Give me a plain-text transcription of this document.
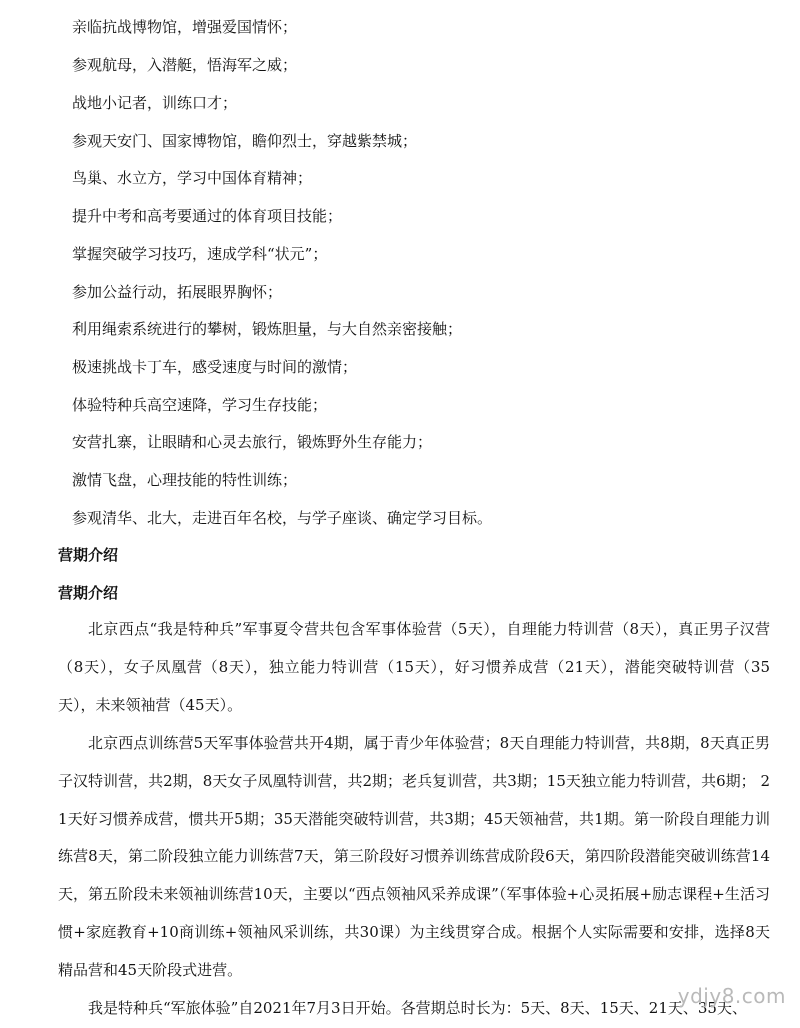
亲临抗战博物馆，增强爱国情怀；
参观航母，入潜艇，悟海军之威；
战地小记者，训练口才；
参观天安门、国家博物馆，瞻仰烈士，穿越紫禁城；
鸟巢、水立方，学习中国体育精神；
提升中考和高考要通过的体育项目技能；
掌握突破学习技巧，速成学科“状元”；
参加公益行动，拓展眼界胸怀；
利用绳索系统进行的攀树，锻炼胆量，与大自然亲密接触；
极速挑战卡丁车，感受速度与时间的激情；
体验特种兵高空速降，学习生存技能；
安营扎寨，让眼睛和心灵去旅行，锻炼野外生存能力；
激情飞盘，心理技能的特性训练；
参观清华、北大，走进百年名校，与学子座谈、确定学习目标。
营期介绍
营期介绍
北京西点“我是特种兵”军事夏令营共包含军事体验营（5天），自理能力特训营（8天），真正男子汉营（8天），女子凤凰营（8天），独立能力特训营（15天），好习惯养成营（21天），潜能突破特训营（35天），未来领袖营（45天）。
北京西点训练营5天军事体验营共开4期，属于青少年体验营；8天自理能力特训营，共8期，8天真正男子汉特训营，共2期，8天女子凤凰特训营，共2期；老兵复训营，共3期；15天独立能力特训营，共6期； 21天好习惯养成营，惯共开5期；35天潜能突破特训营，共3期；45天领袖营，共1期。第一阶段自理能力训练营8天，第二阶段独立能力训练营7天，第三阶段好习惯养训练营成阶段6天，第四阶段潜能突破训练营14天，第五阶段未来领袖训练营10天，主要以“西点领袖风采养成课”（军事体验+心灵拓展+励志课程+生活习惯+家庭教育+10商训练+领袖风采训练，共30课）为主线贯穿合成。根据个人实际需要和安排，选择8天精品营和45天阶段式进营。
我是特种兵“军旅体验”自2021年7月3日开始。各营期总时长为：5天、8天、15天、21天、35天、
ydjy8.com
